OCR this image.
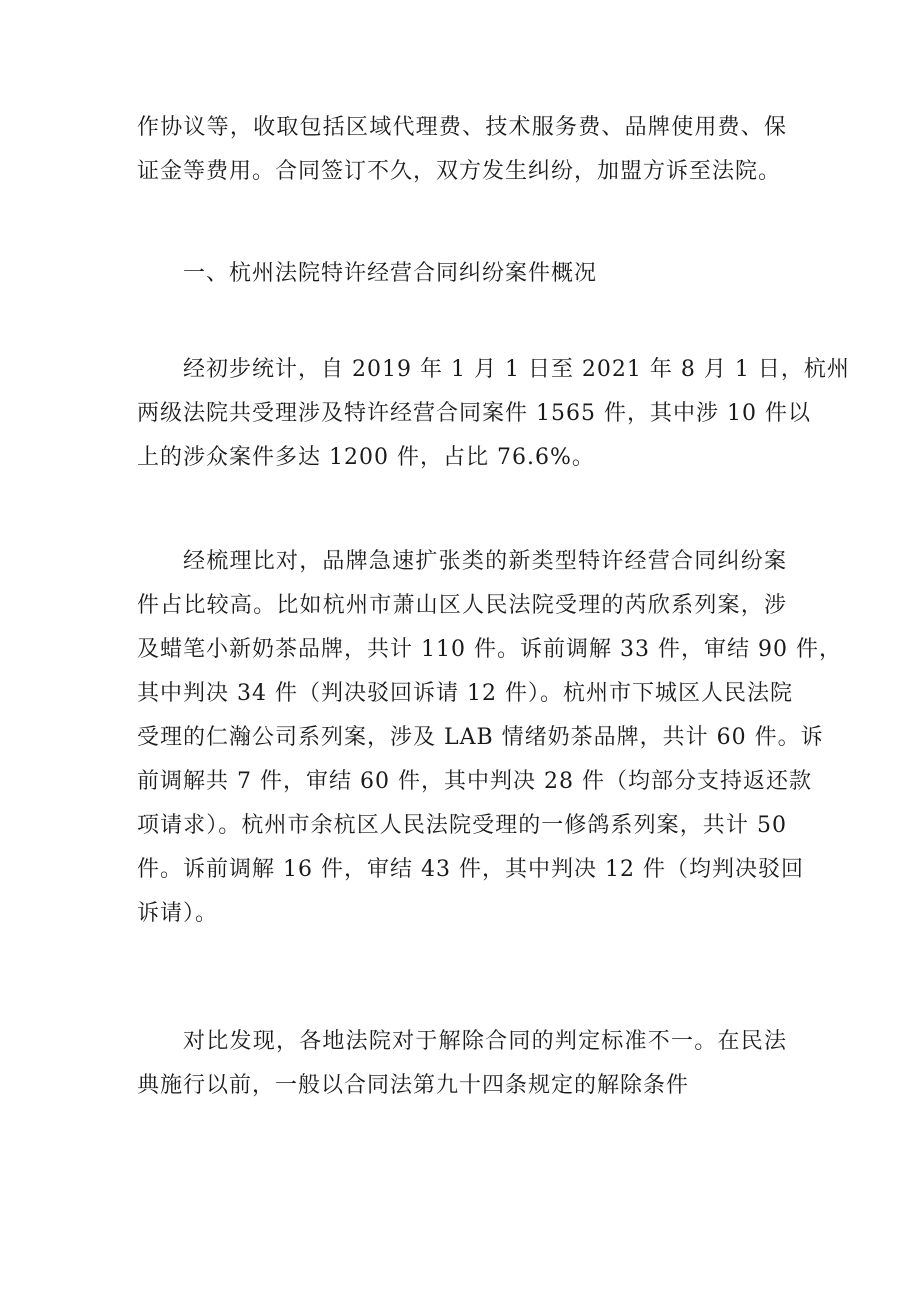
作协议等，收取包括区域代理费、技术服务费、品牌使用费、保
证金等费用。合同签订不久，双方发生纠纷，加盟方诉至法院。
一、杭州法院特许经营合同纠纷案件概况
经初步统计，自 2019 年 1 月 1 日至 2021 年 8 月 1 日，杭州
两级法院共受理涉及特许经营合同案件 1565 件，其中涉 10 件以
上的涉众案件多达 1200 件，占比 76.6%。
经梳理比对，品牌急速扩张类的新类型特许经营合同纠纷案
件占比较高。比如杭州市萧山区人民法院受理的芮欣系列案，涉
及蜡笔小新奶茶品牌，共计 110 件。诉前调解 33 件，审结 90 件，
其中判决 34 件（判决驳回诉请 12 件）。杭州市下城区人民法院
受理的仁瀚公司系列案，涉及 LAB 情绪奶茶品牌，共计 60 件。诉
前调解共 7 件，审结 60 件，其中判决 28 件（均部分支持返还款
项请求）。杭州市余杭区人民法院受理的一修鸽系列案，共计 50
件。诉前调解 16 件，审结 43 件，其中判决 12 件（均判决驳回
诉请）。
对比发现，各地法院对于解除合同的判定标准不一。在民法
典施行以前，一般以合同法第九十四条规定的解除条件
